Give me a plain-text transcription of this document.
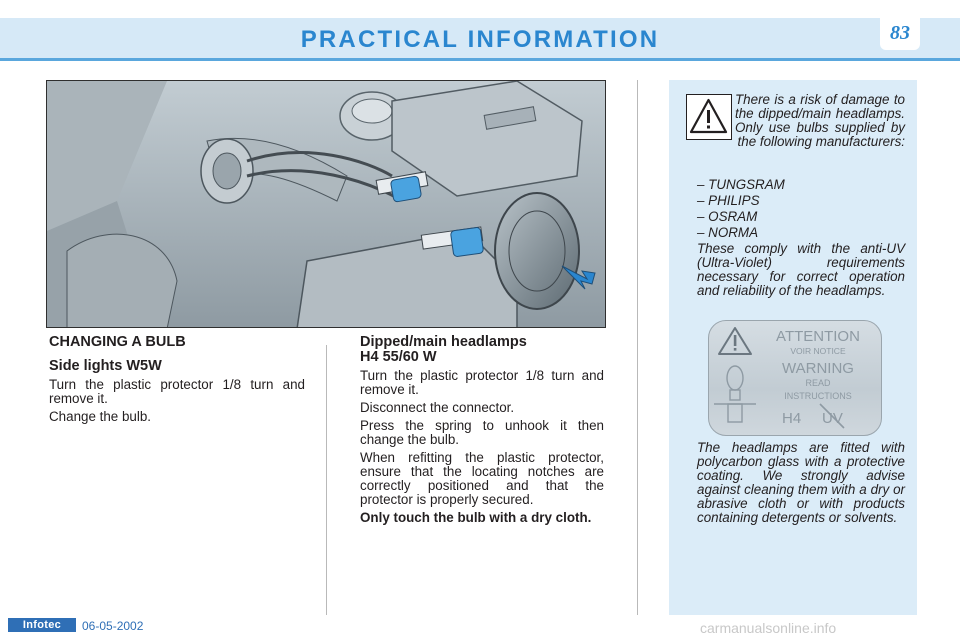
PRACTICAL INFORMATION	83
CHANGING A BULB
Side lights W5W

Turn the plastic protector 1/8 turn and remove it.

Change the bulb.

Dipped/main headlamps
H4 55/60 W

Turn the plastic protector 1/8 turn and remove it.

Disconnect the connector.

Press the spring to unhook it then change the bulb.

When refitting the plastic protector, ensure that the locating notches are correctly positioned and that the protector is properly secured.

Only touch the bulb with a dry cloth.

There is a risk of damage to the dipped/main headlamps. Only use bulbs supplied by the following manufacturers:
– TUNGSRAM
– PHILIPS
– OSRAM
– NORMA
These comply with the anti-UV (Ultra-Violet) requirements necessary for correct operation and reliability of the headlamps.
ATTENTION
VOIR NOTICE
WARNING
READ
INSTRUCTIONS
H4	UV
The headlamps are fitted with polycarbon glass with a protective coating. We strongly advise against cleaning them with a dry or abrasive cloth or with products containing detergents or solvents.
Infotec	06-05-2002	carmanualsonline.info
